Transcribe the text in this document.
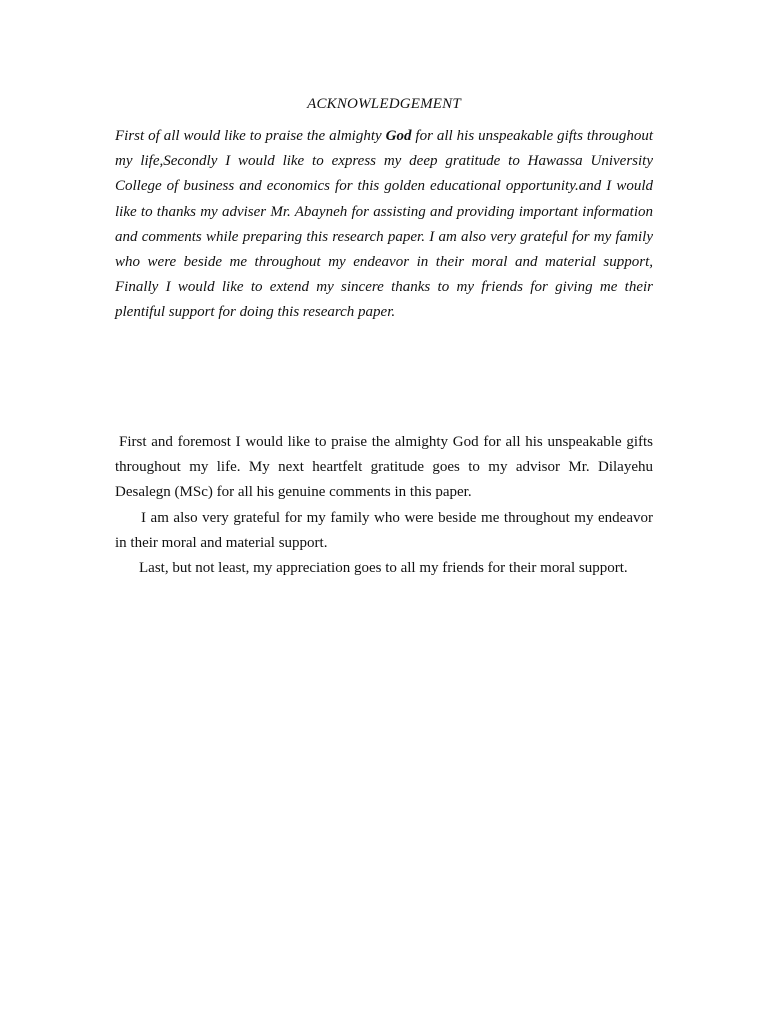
ACKNOWLEDGEMENT

First of all would like to praise the almighty God for all his unspeakable gifts throughout my life,Secondly I would like to express my deep gratitude to Hawassa University College of business and economics for this golden educational opportunity.and I would like to thanks my adviser Mr. Abayneh for assisting and providing important information and comments while preparing this research paper. I am also very grateful for my family who were beside me throughout my endeavor in their moral and material support, Finally I would like to extend my sincere thanks to my friends for giving me their plentiful support for doing this research paper.

First and foremost I would like to praise the almighty God for all his unspeakable gifts throughout my life. My next heartfelt gratitude goes to my advisor Mr. Dilayehu Desalegn (MSc) for all his genuine comments in this paper.

I am also very grateful for my family who were beside me throughout my endeavor in their moral and material support.

Last, but not least, my appreciation goes to all my friends for their moral support.
